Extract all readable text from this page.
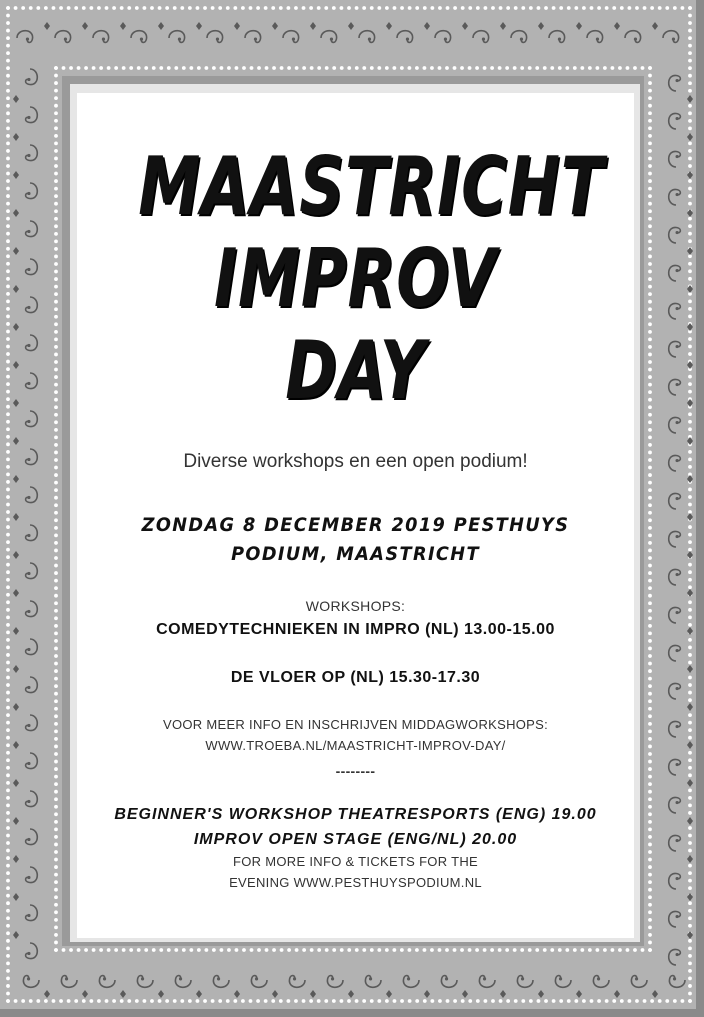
MAASTRICHT
IMPROV
DAY
Diverse workshops en een open podium!
ZONDAG 8 DECEMBER 2019 PESTHUYS
PODIUM, MAASTRICHT
WORKSHOPS:
COMEDYTECHNIEKEN IN IMPRO (NL) 13.00-15.00
DE VLOER OP (NL) 15.30-17.30
VOOR MEER INFO EN INSCHRIJVEN MIDDAGWORKSHOPS:
WWW.TROEBA.NL/MAASTRICHT-IMPROV-DAY/
--------
BEGINNER'S WORKSHOP THEATRESPORTS (ENG) 19.00
IMPROV OPEN STAGE (ENG/NL) 20.00
FOR MORE INFO & TICKETS FOR THE
EVENING WWW.PESTHUYSPODIUM.NL
